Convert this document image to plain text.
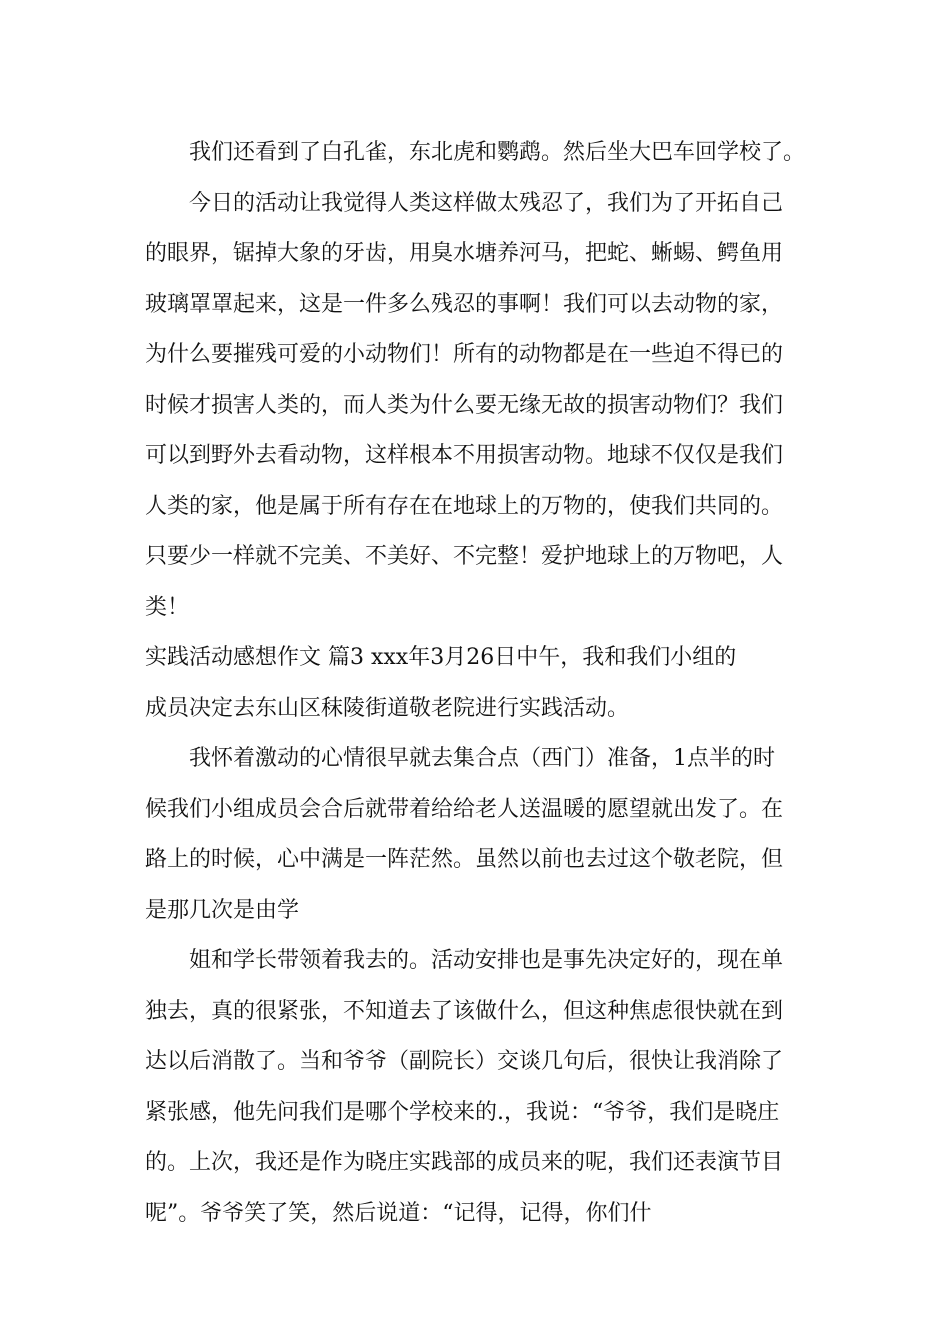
我们还看到了白孔雀，东北虎和鹦鹉。然后坐大巴车回学校了。
今日的活动让我觉得人类这样做太残忍了，我们为了开拓自己
的眼界，锯掉大象的牙齿，用臭水塘养河马，把蛇、蜥蜴、鳄鱼用
玻璃罩罩起来，这是一件多么残忍的事啊！我们可以去动物的家，
为什么要摧残可爱的小动物们！所有的动物都是在一些迫不得已的
时候才损害人类的，而人类为什么要无缘无故的损害动物们？我们
可以到野外去看动物，这样根本不用损害动物。地球不仅仅是我们
人类的家，他是属于所有存在在地球上的万物的，使我们共同的。
只要少一样就不完美、不美好、不完整！爱护地球上的万物吧，人
类！
实践活动感想作文 篇3 xxx年3月26日中午，我和我们小组的
成员决定去东山区秣陵街道敬老院进行实践活动。
我怀着激动的心情很早就去集合点（西门）准备，1点半的时
候我们小组成员会合后就带着给给老人送温暖的愿望就出发了。在
路上的时候，心中满是一阵茫然。虽然以前也去过这个敬老院，但
是那几次是由学
姐和学长带领着我去的。活动安排也是事先决定好的，现在单
独去，真的很紧张，不知道去了该做什么，但这种焦虑很快就在到
达以后消散了。当和爷爷（副院长）交谈几句后，很快让我消除了
紧张感，他先问我们是哪个学校来的.，我说：“爷爷，我们是晓庄
的。上次，我还是作为晓庄实践部的成员来的呢，我们还表演节目
呢”。爷爷笑了笑，然后说道：“记得，记得，你们什
